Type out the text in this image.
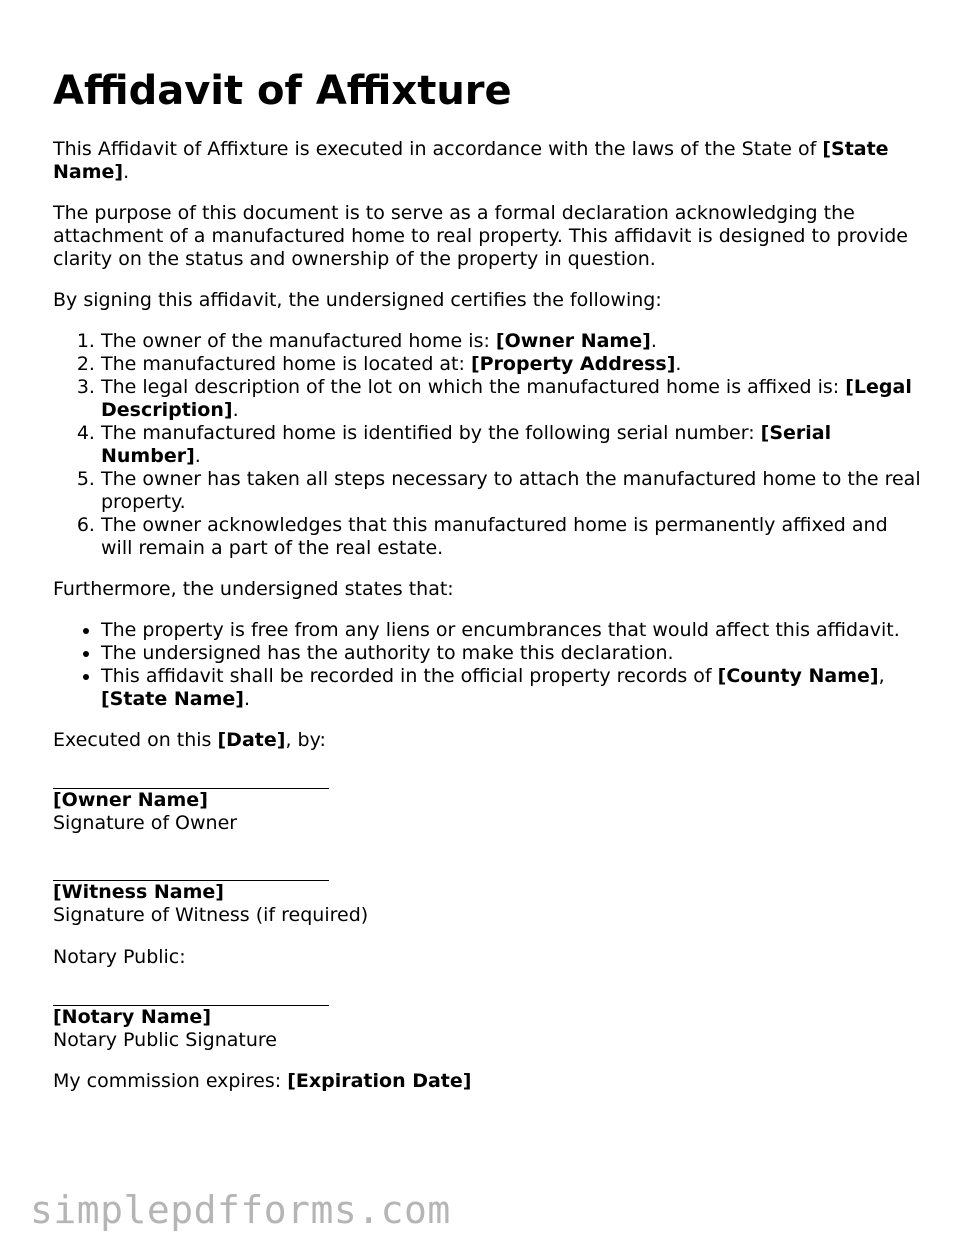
Affidavit of Affixture

This Affidavit of Affixture is executed in accordance with the laws of the State of [State Name].

The purpose of this document is to serve as a formal declaration acknowledging the attachment of a manufactured home to real property. This affidavit is designed to provide clarity on the status and ownership of the property in question.

By signing this affidavit, the undersigned certifies the following:

1. The owner of the manufactured home is: [Owner Name].
2. The manufactured home is located at: [Property Address].
3. The legal description of the lot on which the manufactured home is affixed is: [Legal Description].
4. The manufactured home is identified by the following serial number: [Serial Number].
5. The owner has taken all steps necessary to attach the manufactured home to the real property.
6. The owner acknowledges that this manufactured home is permanently affixed and will remain a part of the real estate.

Furthermore, the undersigned states that:

• The property is free from any liens or encumbrances that would affect this affidavit.
• The undersigned has the authority to make this declaration.
• This affidavit shall be recorded in the official property records of [County Name], [State Name].

Executed on this [Date], by:

[Owner Name]
Signature of Owner
[Witness Name]
Signature of Witness (if required)

Notary Public:

[Notary Name]
Notary Public Signature

My commission expires: [Expiration Date]

simplepdfforms.com
